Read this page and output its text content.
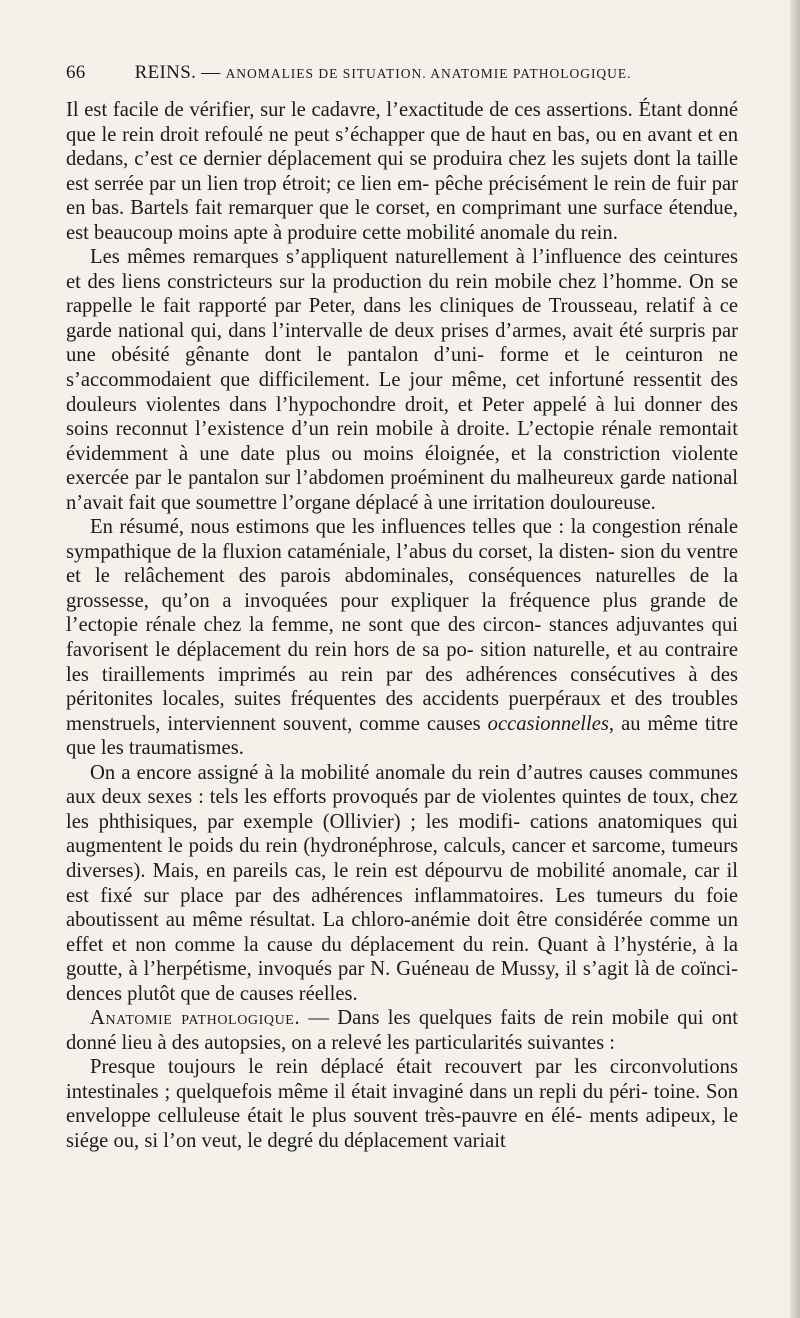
66	REINS. — ANOMALIES DE SITUATION. ANATOMIE PATHOLOGIQUE.

Il est facile de vérifier, sur le cadavre, l’exactitude de ces assertions. Étant donné que le rein droit refoulé ne peut s’échapper que de haut en bas, ou en avant et en dedans, c’est ce dernier déplacement qui se produira chez les sujets dont la taille est serrée par un lien trop étroit; ce lien em- pêche précisément le rein de fuir par en bas. Bartels fait remarquer que le corset, en comprimant une surface étendue, est beaucoup moins apte à produire cette mobilité anomale du rein.

Les mêmes remarques s’appliquent naturellement à l’influence des ceintures et des liens constricteurs sur la production du rein mobile chez l’homme. On se rappelle le fait rapporté par Peter, dans les cliniques de Trousseau, relatif à ce garde national qui, dans l’intervalle de deux prises d’armes, avait été surpris par une obésité gênante dont le pantalon d’uni- forme et le ceinturon ne s’accommodaient que difficilement. Le jour même, cet infortuné ressentit des douleurs violentes dans l’hypochondre droit, et Peter appelé à lui donner des soins reconnut l’existence d’un rein mobile à droite. L’ectopie rénale remontait évidemment à une date plus ou moins éloignée, et la constriction violente exercée par le pantalon sur l’abdomen proéminent du malheureux garde national n’avait fait que soumettre l’organe déplacé à une irritation douloureuse.

En résumé, nous estimons que les influences telles que : la congestion rénale sympathique de la fluxion cataméniale, l’abus du corset, la disten- sion du ventre et le relâchement des parois abdominales, conséquences naturelles de la grossesse, qu’on a invoquées pour expliquer la fréquence plus grande de l’ectopie rénale chez la femme, ne sont que des circon- stances adjuvantes qui favorisent le déplacement du rein hors de sa po- sition naturelle, et au contraire les tiraillements imprimés au rein par des adhérences consécutives à des péritonites locales, suites fréquentes des accidents puerpéraux et des troubles menstruels, interviennent souvent, comme causes occasionnelles, au même titre que les traumatismes.

On a encore assigné à la mobilité anomale du rein d’autres causes communes aux deux sexes : tels les efforts provoqués par de violentes quintes de toux, chez les phthisiques, par exemple (Ollivier) ; les modifi- cations anatomiques qui augmentent le poids du rein (hydronéphrose, calculs, cancer et sarcome, tumeurs diverses). Mais, en pareils cas, le rein est dépourvu de mobilité anomale, car il est fixé sur place par des adhérences inflammatoires. Les tumeurs du foie aboutissent au même résultat. La chloro-anémie doit être considérée comme un effet et non comme la cause du déplacement du rein. Quant à l’hystérie, à la goutte, à l’herpétisme, invoqués par N. Guéneau de Mussy, il s’agit là de coïnci- dences plutôt que de causes réelles.

Anatomie pathologique. — Dans les quelques faits de rein mobile qui ont donné lieu à des autopsies, on a relevé les particularités suivantes :

Presque toujours le rein déplacé était recouvert par les circonvolutions intestinales ; quelquefois même il était invaginé dans un repli du péri- toine. Son enveloppe celluleuse était le plus souvent très-pauvre en élé- ments adipeux, le siége ou, si l’on veut, le degré du déplacement variait
